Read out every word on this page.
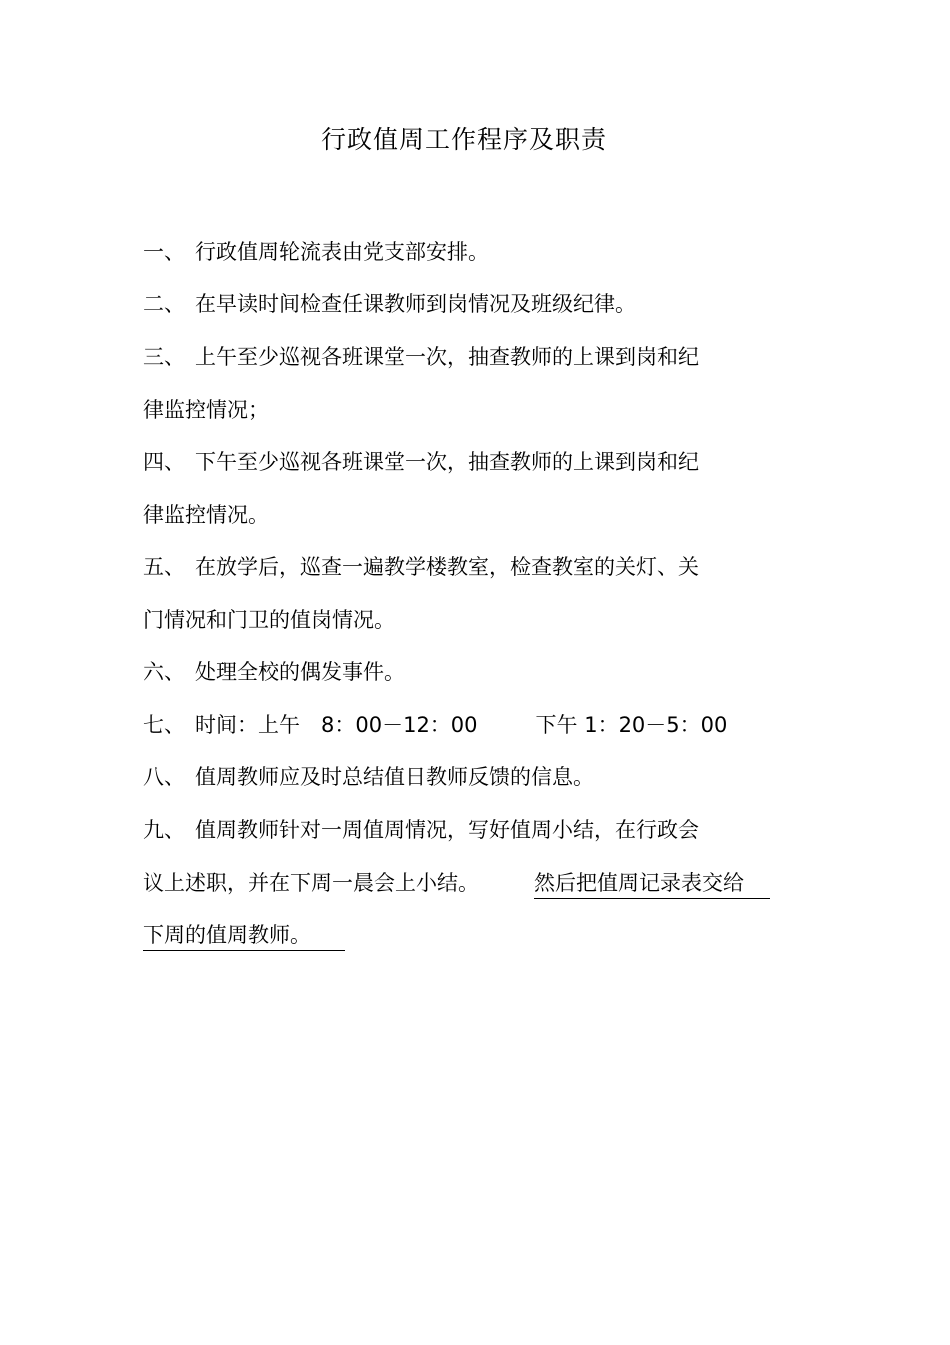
行政值周工作程序及职责
一、 行政值周轮流表由党支部安排。
二、 在早读时间检查任课教师到岗情况及班级纪律。
三、 上午至少巡视各班课堂一次，抽查教师的上课到岗和纪
律监控情况；
四、 下午至少巡视各班课堂一次，抽查教师的上课到岗和纪
律监控情况。
五、 在放学后，巡查一遍教学楼教室，检查教室的关灯、关
门情况和门卫的值岗情况。
六、 处理全校的偶发事件。
七、 时间：上午　8：00－12：00	下午 1：20－5：00
八、 值周教师应及时总结值日教师反馈的信息。
九、 值周教师针对一周值周情况，写好值周小结，在行政会
议上述职，并在下周一晨会上小结。	然后把值周记录表交给
下周的值周教师。
